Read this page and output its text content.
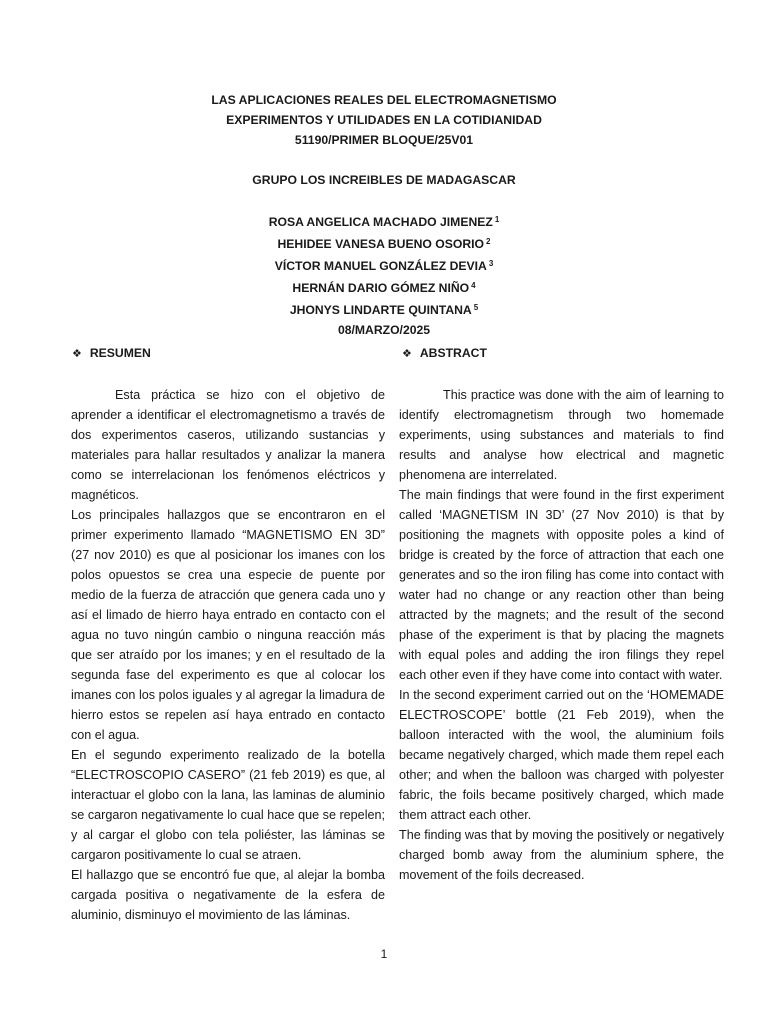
LAS APLICACIONES REALES DEL ELECTROMAGNETISMO
EXPERIMENTOS Y UTILIDADES EN LA COTIDIANIDAD
51190/PRIMER BLOQUE/25V01
GRUPO LOS INCREIBLES DE MADAGASCAR
ROSA ANGELICA MACHADO JIMENEZ $^1$
HEHIDEE VANESA BUENO OSORIO $^2$
VÍCTOR MANUEL GONZÁLEZ DEVIA $^3$
HERNÁN DARIO GÓMEZ NIÑO $^4$
JHONYS LINDARTE QUINTANA $^5$
08/MARZO/2025
❖ RESUMEN	❖ ABSTRACT

Esta práctica se hizo con el objetivo de aprender a identificar el electromagnetismo a través de dos experimentos caseros, utilizando sustancias y materiales para hallar resultados y analizar la manera como se interrelacionan los fenómenos eléctricos y magnéticos.

Los principales hallazgos que se encontraron en el primer experimento llamado “MAGNETISMO EN 3D” (27 nov 2010) es que al posicionar los imanes con los polos opuestos se crea una especie de puente por medio de la fuerza de atracción que genera cada uno y así el limado de hierro haya entrado en contacto con el agua no tuvo ningún cambio o ninguna reacción más que ser atraído por los imanes; y en el resultado de la segunda fase del experimento es que al colocar los imanes con los polos iguales y al agregar la limadura de hierro estos se repelen así haya entrado en contacto con el agua.

En el segundo experimento realizado de la botella “ELECTROSCOPIO CASERO” (21 feb 2019) es que, al interactuar el globo con la lana, las laminas de aluminio se cargaron negativamente lo cual hace que se repelen; y al cargar el globo con tela poliéster, las láminas se cargaron positivamente lo cual se atraen.

El hallazgo que se encontró fue que, al alejar la bomba cargada positiva o negativamente de la esfera de aluminio, disminuyo el movimiento de las láminas.

This practice was done with the aim of learning to identify electromagnetism through two homemade experiments, using substances and materials to find results and analyse how electrical and magnetic phenomena are interrelated.

The main findings that were found in the first experiment called ‘MAGNETISM IN 3D’ (27 Nov 2010) is that by positioning the magnets with opposite poles a kind of bridge is created by the force of attraction that each one generates and so the iron filing has come into contact with water had no change or any reaction other than being attracted by the magnets; and the result of the second phase of the experiment is that by placing the magnets with equal poles and adding the iron filings they repel each other even if they have come into contact with water.

In the second experiment carried out on the ‘HOMEMADE ELECTROSCOPE’ bottle (21 Feb 2019), when the balloon interacted with the wool, the aluminium foils became negatively charged, which made them repel each other; and when the balloon was charged with polyester fabric, the foils became positively charged, which made them attract each other.

The finding was that by moving the positively or negatively charged bomb away from the aluminium sphere, the movement of the foils decreased.

1
